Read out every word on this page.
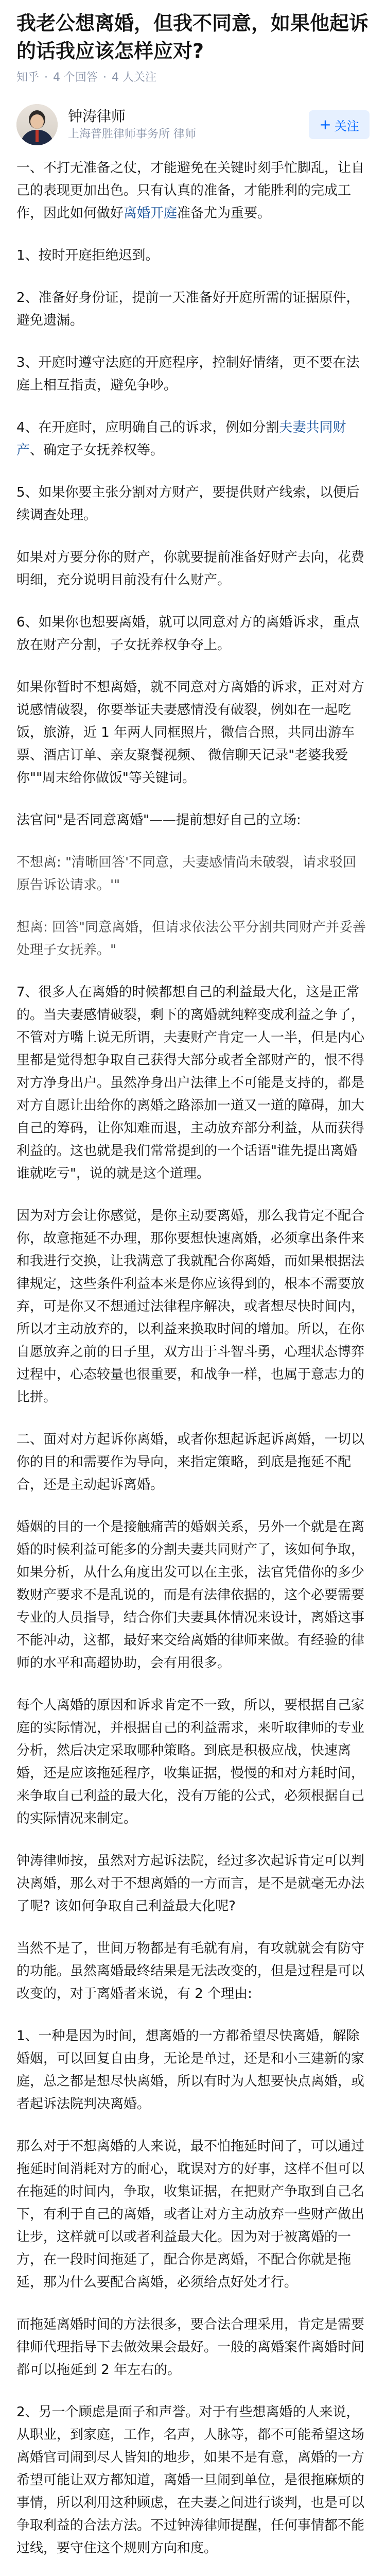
我老公想离婚，但我不同意，如果他起诉的话我应该怎样应对?
知乎 · 4 个回答 · 4 人关注
钟涛律师
上海普胜律师事务所 律师
+ 关注

一、不打无准备之仗，才能避免在关键时刻手忙脚乱，让自己的表现更加出色。只有认真的准备，才能胜利的完成工作，因此如何做好离婚开庭准备尤为重要。

1、按时开庭拒绝迟到。

2、准备好身份证，提前一天准备好开庭所需的证据原件，避免遗漏。

3、开庭时遵守法庭的开庭程序，控制好情绪，更不要在法庭上相互指责，避免争吵。

4、在开庭时，应明确自己的诉求，例如分割夫妻共同财产、确定子女抚养权等。

5、如果你要主张分割对方财产，要提供财产线索，以便后续调查处理。

如果对方要分你的财产，你就要提前准备好财产去向，花费明细，充分说明目前没有什么财产。

6、如果你也想要离婚，就可以同意对方的离婚诉求，重点放在财产分割，子女抚养权争夺上。

如果你暂时不想离婚，就不同意对方离婚的诉求，正对对方说感情破裂，你要举证夫妻感情没有破裂，例如在一起吃饭，旅游，近 1 年两人同框照片，微信合照，共同出游车票、酒店订单、亲友聚餐视频、 微信聊天记录"老婆我爱你""周末给你做饭"等关键词。

法官问"是否同意离婚"——提前想好自己的立场:

不想离: "清晰回答'不同意，夫妻感情尚未破裂，请求驳回原告诉讼请求。'"

想离: 回答"同意离婚，但请求依法公平分割共同财产并妥善处理子女抚养。"

7、很多人在离婚的时候都想自己的利益最大化，这是正常的。当夫妻感情破裂，剩下的离婚就纯粹变成利益之争了，不管对方嘴上说无所谓，夫妻财产肯定一人一半，但是内心里都是觉得想争取自己获得大部分或者全部财产的，恨不得对方净身出户。虽然净身出户法律上不可能是支持的，都是对方自愿让出给你的离婚之路添加一道又一道的障碍，加大自己的筹码，让你知难而退，主动放弃部分利益，从而获得利益的。这也就是我们常常提到的一个话语"谁先提出离婚谁就吃亏"，说的就是这个道理。

因为对方会让你感觉，是你主动要离婚，那么我肯定不配合你，故意拖延不办理，那你要想快速离婚，必须拿出条件来和我进行交换，让我满意了我就配合你离婚，而如果根据法律规定，这些条件利益本来是你应该得到的，根本不需要放弃，可是你又不想通过法律程序解决，或者想尽快时间内，所以才主动放弃的，以利益来换取时间的增加。所以，在你自愿放弃之前的日子里，双方出于斗智斗勇，心理状态博弈过程中，心态较量也很重要，和战争一样，也属于意志力的比拼。

二、面对对方起诉你离婚，或者你想起诉起诉离婚，一切以你的目的和需要作为导向，来指定策略，到底是拖延不配合，还是主动起诉离婚。

婚姻的目的一个是接触痛苦的婚姻关系，另外一个就是在离婚的时候利益可能多的分割夫妻共同财产了，该如何争取，如果分析，从什么角度出发可以在主张，法官凭借你的多少数财产要求不是乱说的，而是有法律依据的，这个必要需要专业的人员指导，结合你们夫妻具体情况来设计，离婚这事不能冲动，这都，最好来交给离婚的律师来做。有经验的律师的水平和高超协助，会有用很多。

每个人离婚的原因和诉求肯定不一致，所以，要根据自己家庭的实际情况，并根据自己的利益需求，来听取律师的专业分析，然后决定采取哪种策略。到底是积极应战，快速离婚，还是应该拖延程序，收集证据，慢慢的和对方耗时间，来争取自己利益的最大化，没有万能的公式，必须根据自己的实际情况来制定。

钟涛律师按，虽然对方起诉法院，经过多次起诉肯定可以判决离婚，那么对于不想离婚的一方而言，是不是就毫无办法了呢? 该如何争取自己利益最大化呢?

当然不是了，世间万物都是有毛就有肩，有攻就就会有防守的功能。虽然离婚最终结果是无法改变的，但是过程是可以改变的，对于离婚者来说，有 2 个理由:

1、一种是因为时间，想离婚的一方都希望尽快离婚，解除婚姻，可以回复自由身，无论是单过，还是和小三建新的家庭，总之都是想尽快离婚，所以有时为人想要快点离婚，或者起诉法院判决离婚。

那么对于不想离婚的人来说，最不怕拖延时间了，可以通过拖延时间消耗对方的耐心，耽误对方的好事，这样不但可以在拖延的时间内，争取，收集证据，在把财产争取到自己名下，有利于自己的离婚，或者让对方主动放弃一些财产做出让步，这样就可以或者利益最大化。因为对于被离婚的一方，在一段时间拖延了，配合你是离婚，不配合你就是拖延，那为什么要配合离婚，必须给点好处才行。

而拖延离婚时间的方法很多，要合法合理采用，肯定是需要律师代理指导下去做效果会最好。一般的离婚案件离婚时间都可以拖延到 2 年左右的。

2、另一个顾虑是面子和声誉。对于有些想离婚的人来说，从职业，到家庭，工作，名声，人脉等，都不可能希望这场离婚官司闹到尽人皆知的地步，如果不是有意，离婚的一方希望可能让双方都知道，离婚一旦闹到单位，是很拖麻烦的事情，所以利用这种顾虑，在夫妻之间进行谈判，也是可以争取利益的合法方法。不过钟涛律师提醒，任何事情都不能过线，要守住这个规则方向和度。
